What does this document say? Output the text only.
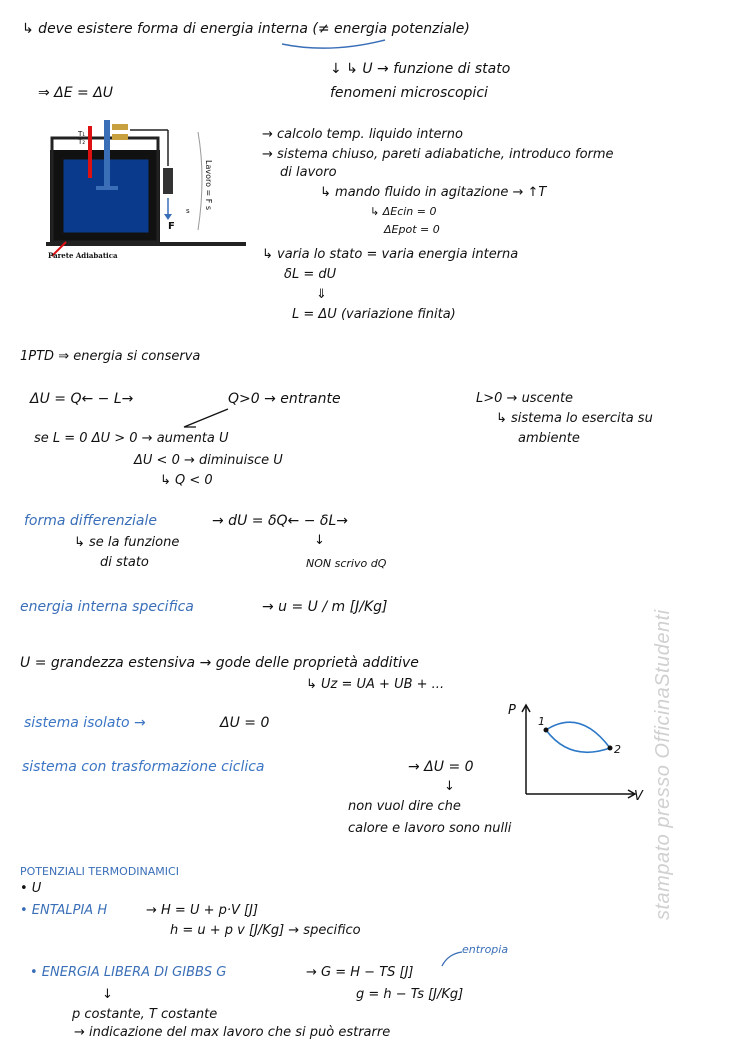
↳ deve esistere forma di energia interna (≠ energia potenziale)
↓ ↳ U → funzione di stato
fenomeni microscopici
⇒ ΔE = ΔU
T₁
T₂
Lavoro = F s
s
F
Parete Adiabatica
→ calcolo temp. liquido interno
→ sistema chiuso, pareti adiabatiche, introduco forme
di lavoro
↳ mando fluido in agitazione → ↑T
↳ ΔEcin = 0
ΔEpot = 0
↳ varia lo stato = varia energia interna
δL = dU
⇓
L = ΔU (variazione finita)
1PTD ⇒ energia si conserva
ΔU = Q← − L→	Q>0 → entrante	L>0 → uscente
↳ sistema lo esercita su
ambiente
se L = 0 ΔU > 0 → aumenta U
ΔU < 0 → diminuisce U
↳ Q < 0
forma differenziale	→ dU = δQ← − δL→
↳ se la funzione
di stato
↓
NON scrivo dQ
energia interna specifica	→ u = U / m [J/Kg]
U = grandezza estensiva → gode delle proprietà additive
↳ Uz = UA + UB + ...
sistema isolato →	ΔU = 0
sistema con trasformazione ciclica	→ ΔU = 0
↓
non vuol dire che
calore e lavoro sono nulli
P
V
1
2
POTENZIALI TERMODINAMICI
• U
• ENTALPIA H	→ H = U + p·V [J]
h = u + p v [J/Kg] → specifico
entropia
• ENERGIA LIBERA DI GIBBS G	→ G = H − TS [J]
g = h − Ts [J/Kg]
↓
p costante, T costante
→ indicazione del max lavoro che si può estrarre
stampato presso OfficinaStudenti
